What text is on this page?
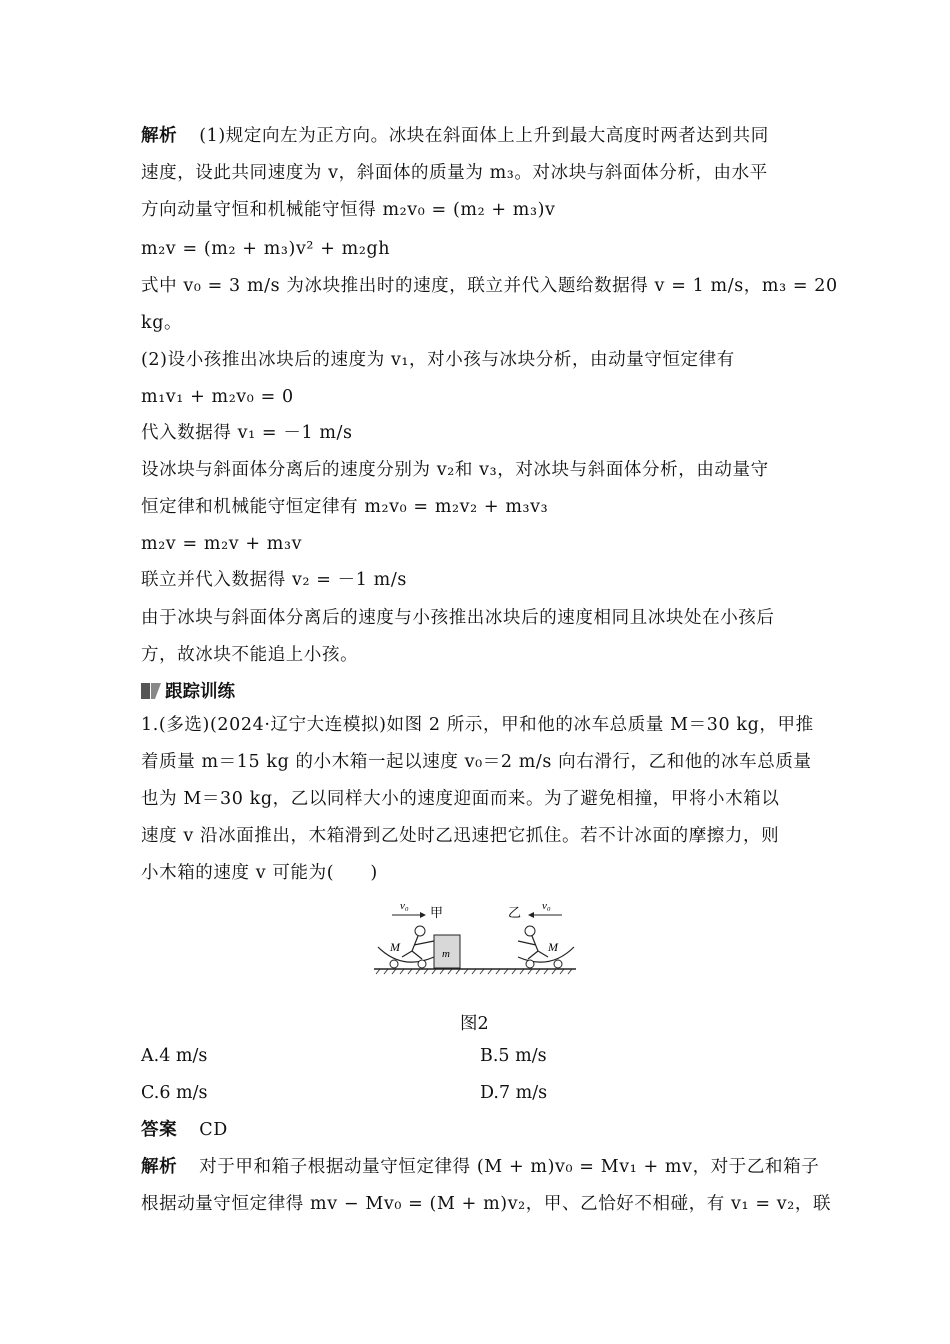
解析 (1)规定向左为正方向。冰块在斜面体上上升到最大高度时两者达到共同
速度，设此共同速度为 v，斜面体的质量为 m₃。对冰块与斜面体分析，由水平
方向动量守恒和机械能守恒得 m₂v₀ = (m₂ + m₃)v
m₂v = (m₂ + m₃)v² + m₂gh
式中 v₀ = 3 m/s 为冰块推出时的速度，联立并代入题给数据得 v = 1 m/s，m₃ = 20
kg。
(2)设小孩推出冰块后的速度为 v₁，对小孩与冰块分析，由动量守恒定律有
m₁v₁ + m₂v₀ = 0
代入数据得 v₁ = －1 m/s
设冰块与斜面体分离后的速度分别为 v₂和 v₃，对冰块与斜面体分析，由动量守
恒定律和机械能守恒定律有 m₂v₀ = m₂v₂ + m₃v₃
m₂v = m₂v + m₃v
联立并代入数据得 v₂ = －1 m/s
由于冰块与斜面体分离后的速度与小孩推出冰块后的速度相同且冰块处在小孩后
方，故冰块不能追上小孩。
跟踪训练
1.(多选)(2024·辽宁大连模拟)如图 2 所示，甲和他的冰车总质量 M＝30 kg，甲推
着质量 m＝15 kg 的小木箱一起以速度 v₀＝2 m/s 向右滑行，乙和他的冰车总质量
也为 M＝30 kg，乙以同样大小的速度迎面而来。为了避免相撞，甲将小木箱以
速度 v 沿冰面推出，木箱滑到乙处时乙迅速把它抓住。若不计冰面的摩擦力，则
小木箱的速度 v 可能为(　　)
v₀ 甲	乙 v₀
M	m	M
图2
A.4 m/s	B.5 m/s
C.6 m/s	D.7 m/s
答案 CD
解析 对于甲和箱子根据动量守恒定律得 (M + m)v₀ = Mv₁ + mv，对于乙和箱子
根据动量守恒定律得 mv − Mv₀ = (M + m)v₂，甲、乙恰好不相碰，有 v₁ = v₂，联
